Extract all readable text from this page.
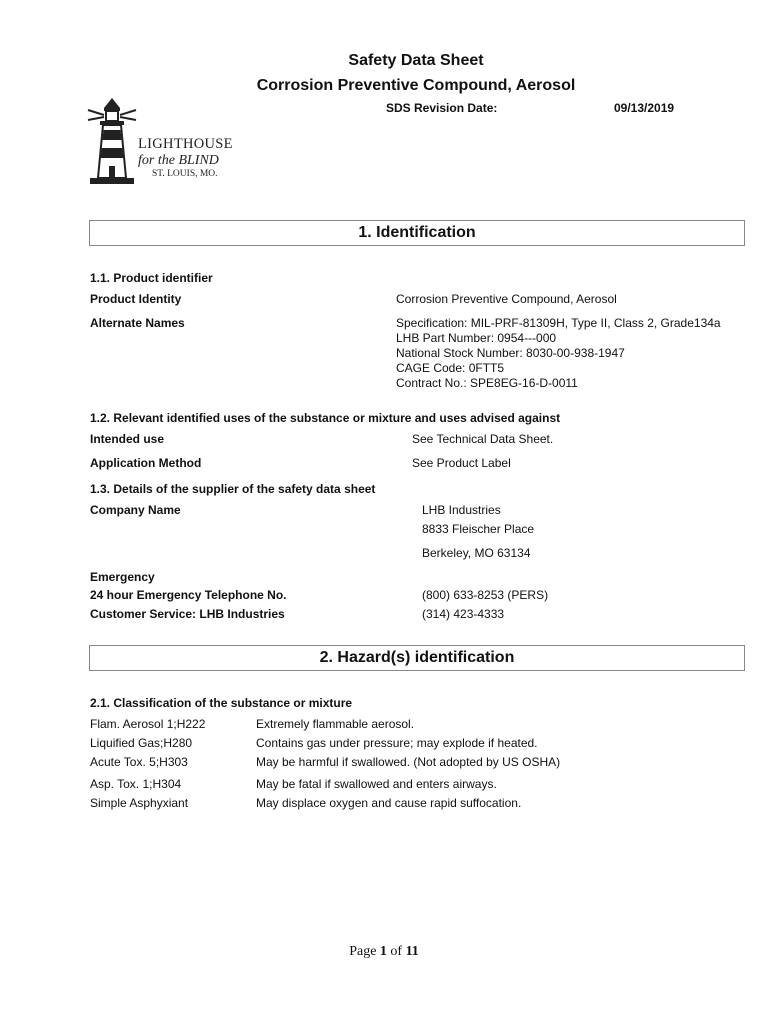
Safety Data Sheet
Corrosion Preventive Compound, Aerosol
SDS Revision Date:	09/13/2019
LIGHTHOUSE
for the BLIND
ST. LOUIS, MO.
1. Identification
1.1. Product identifier
Product Identity	Corrosion Preventive Compound, Aerosol
Alternate Names	Specification: MIL-PRF-81309H, Type II, Class 2, Grade134a
LHB Part Number: 0954---000
National Stock Number: 8030-00-938-1947
CAGE Code: 0FTT5
Contract No.: SPE8EG-16-D-0011
1.2. Relevant identified uses of the substance or mixture and uses advised against
Intended use	See Technical Data Sheet.
Application Method	See Product Label
1.3. Details of the supplier of the safety data sheet
Company Name	LHB Industries
8833 Fleischer Place
Berkeley, MO 63134
Emergency
24 hour Emergency Telephone No.	(800) 633-8253 (PERS)
Customer Service: LHB Industries	(314) 423-4333
2. Hazard(s) identification
2.1. Classification of the substance or mixture
Flam. Aerosol 1;H222	Extremely flammable aerosol.
Liquified Gas;H280	Contains gas under pressure; may explode if heated.
Acute Tox. 5;H303	May be harmful if swallowed. (Not adopted by US OSHA)
Asp. Tox. 1;H304	May be fatal if swallowed and enters airways.
Simple Asphyxiant	May displace oxygen and cause rapid suffocation.
Page 1 of 11
